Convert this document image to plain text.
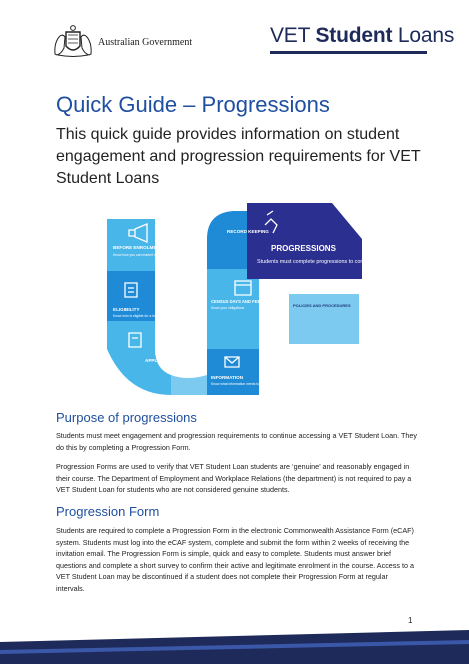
Australian Government	VET Student Loans
Quick Guide – Progressions
This quick guide provides information on student engagement and progression requirements for VET Student Loans
BEFORE ENROLMENT
ELIGIBILITY
APPLICATIONS
INFORMATION
CENSUS DAYS AND FEE PERIODS
RECORD KEEPING
PROGRESSIONS
POLICIES AND PROCEDURES
Know how you can market VET Student Loans
Know who is eligible for a loan
Know what information needs to be provided to enrolled students
Know your obligations
Students must complete progressions to continue receiving loans
Purpose of progressions
Students must meet engagement and progression requirements to continue accessing a VET Student Loan. They do this by completing a Progression Form.
Progression Forms are used to verify that VET Student Loan students are ‘genuine’ and reasonably engaged in their course. The Department of Employment and Workplace Relations (the department) is not required to pay a VET Student Loan for students who are not considered genuine students.
Progression Form
Students are required to complete a Progression Form in the electronic Commonwealth Assistance Form (eCAF) system. Students must log into the eCAF system, complete and submit the form within 2 weeks of receiving the invitation email. The Progression Form is simple, quick and easy to complete. Students must answer brief questions and complete a short survey to confirm their active and legitimate enrolment in the course. Access to a VET Student Loan may be discontinued if a student does not complete their Progression Form at regular intervals.
1
